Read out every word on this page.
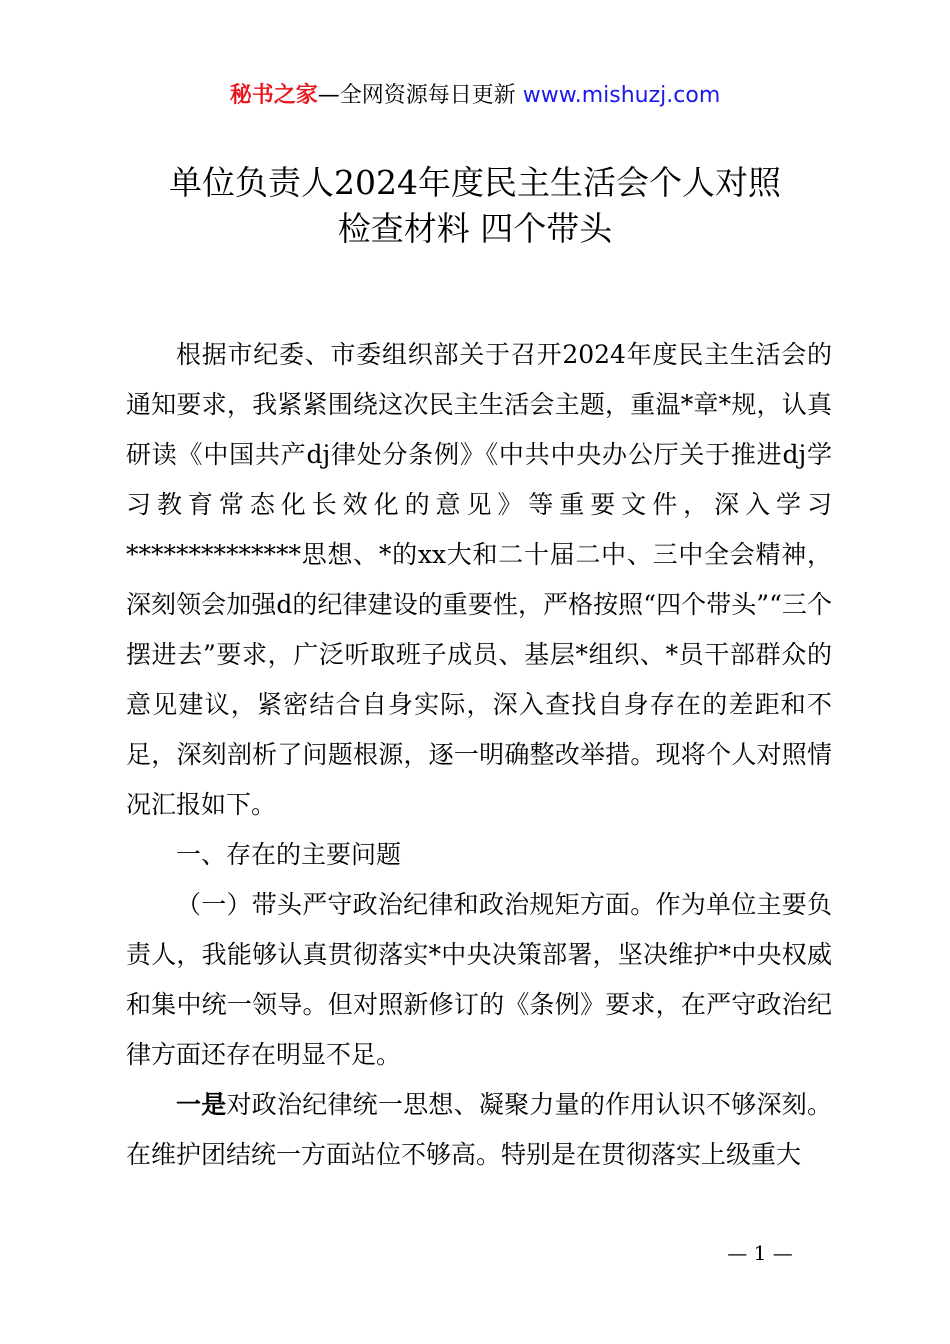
秘书之家—全网资源每日更新 www.mishuzj.com
单位负责人2024年度民主生活会个人对照
检查材料 四个带头

根据市纪委、市委组织部关于召开2024年度民主生活会的通知要求，我紧紧围绕这次民主生活会主题，重温*章*规，认真研读《中国共产dj律处分条例》《中共中央办公厅关于推进dj学习教育常态化长效化的意见》等重要文件，深入学习**************思想、*的xx大和二十届二中、三中全会精神，深刻领会加强d的纪律建设的重要性，严格按照“四个带头”“三个摆进去”要求，广泛听取班子成员、基层*组织、*员干部群众的意见建议，紧密结合自身实际，深入查找自身存在的差距和不足，深刻剖析了问题根源，逐一明确整改举措。现将个人对照情况汇报如下。

一、存在的主要问题

（一）带头严守政治纪律和政治规矩方面。作为单位主要负责人，我能够认真贯彻落实*中央决策部署，坚决维护*中央权威和集中统一领导。但对照新修订的《条例》要求，在严守政治纪律方面还存在明显不足。

一是对政治纪律统一思想、凝聚力量的作用认识不够深刻。在维护团结统一方面站位不够高。特别是在贯彻落实上级重大

— 1 —
